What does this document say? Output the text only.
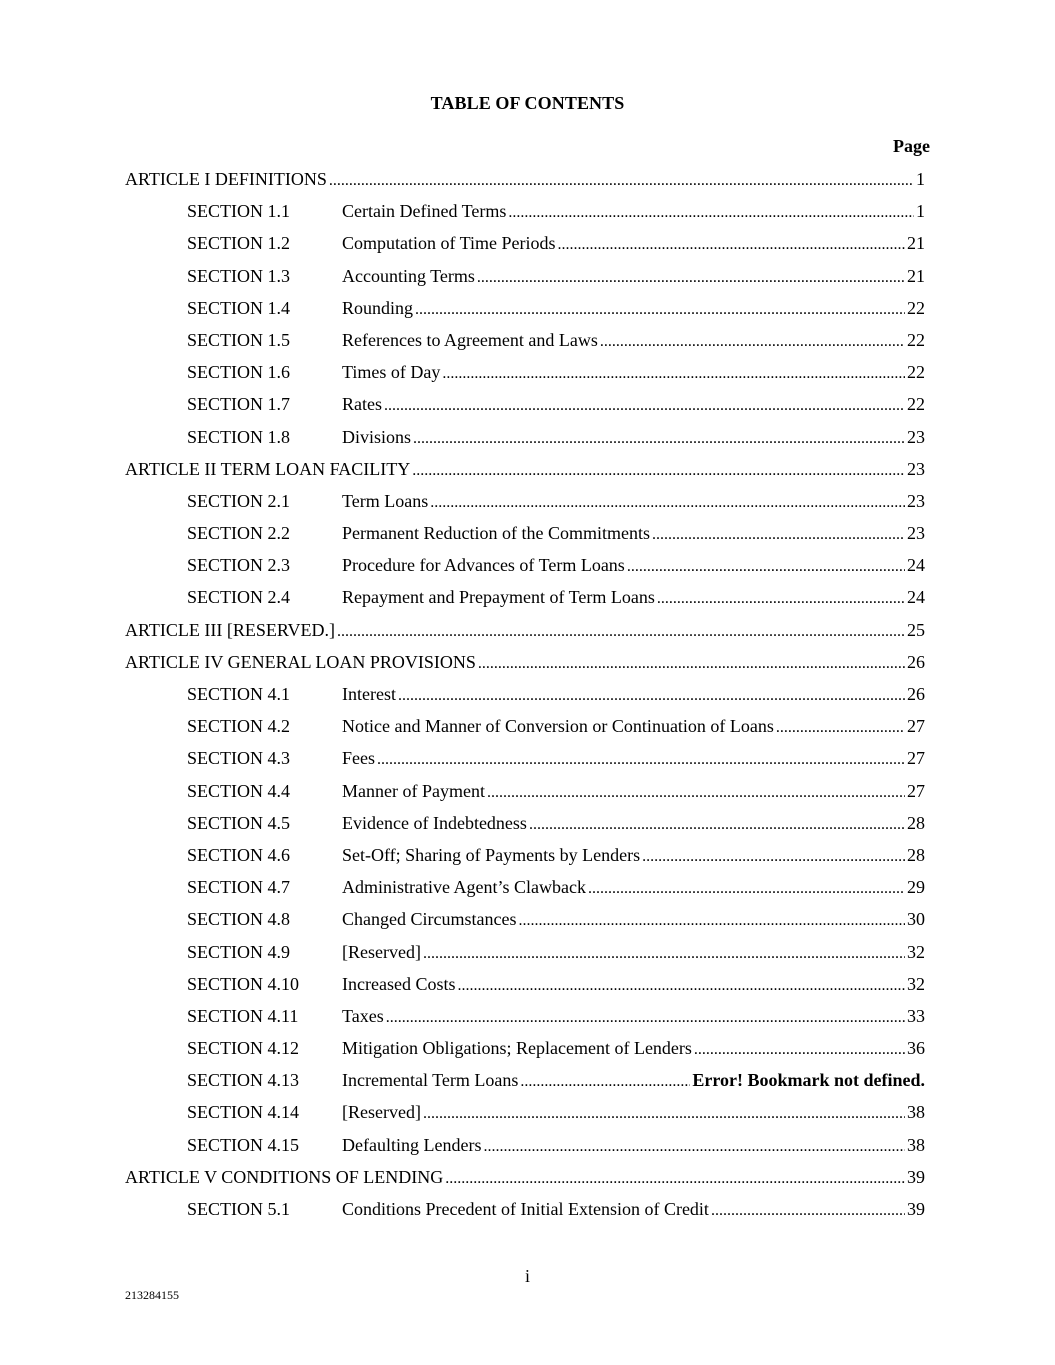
TABLE OF CONTENTS
Page
ARTICLE I DEFINITIONS .....	1
SECTION 1.1	Certain Defined Terms .....	1
SECTION 1.2	Computation of Time Periods .....	21
SECTION 1.3	Accounting Terms .....	21
SECTION 1.4	Rounding .....	22
SECTION 1.5	References to Agreement and Laws .....	22
SECTION 1.6	Times of Day .....	22
SECTION 1.7	Rates .....	22
SECTION 1.8	Divisions .....	23
ARTICLE II TERM LOAN FACILITY .....	23
SECTION 2.1	Term Loans .....	23
SECTION 2.2	Permanent Reduction of the Commitments .....	23
SECTION 2.3	Procedure for Advances of Term Loans .....	24
SECTION 2.4	Repayment and Prepayment of Term Loans .....	24
ARTICLE III [RESERVED.] .....	25
ARTICLE IV GENERAL LOAN PROVISIONS .....	26
SECTION 4.1	Interest .....	26
SECTION 4.2	Notice and Manner of Conversion or Continuation of Loans .....	27
SECTION 4.3	Fees .....	27
SECTION 4.4	Manner of Payment .....	27
SECTION 4.5	Evidence of Indebtedness .....	28
SECTION 4.6	Set-Off; Sharing of Payments by Lenders .....	28
SECTION 4.7	Administrative Agent’s Clawback .....	29
SECTION 4.8	Changed Circumstances .....	30
SECTION 4.9	[Reserved] .....	32
SECTION 4.10	Increased Costs .....	32
SECTION 4.11	Taxes .....	33
SECTION 4.12	Mitigation Obligations; Replacement of Lenders .....	36
SECTION 4.13	Incremental Term Loans .....	Error! Bookmark not defined.
SECTION 4.14	[Reserved] .....	38
SECTION 4.15	Defaulting Lenders .....	38
ARTICLE V CONDITIONS OF LENDING .....	39
SECTION 5.1	Conditions Precedent of Initial Extension of Credit .....	39
i
213284155
